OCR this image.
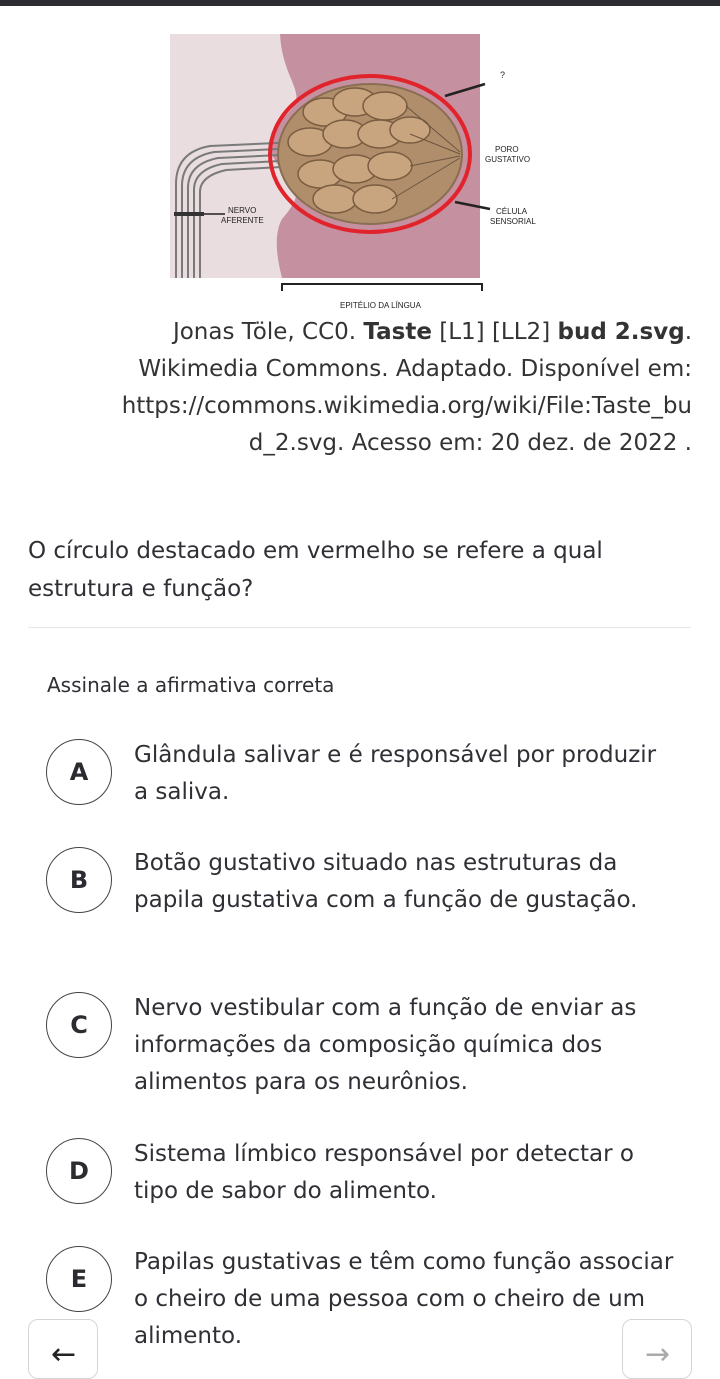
?
PORO
GUSTATIVO
NERVO
AFERENTE
CÉLULA
SENSORIAL
EPITÉLIO DA LÍNGUA
Jonas Töle, CC0. Taste [L1] [LL2] bud 2.svg.
Wikimedia Commons. Adaptado. Disponível em:
https://commons.wikimedia.org/wiki/File:Taste_bu
d_2.svg. Acesso em: 20 dez. de 2022 .
O círculo destacado em vermelho se refere a qual estrutura e função?
Assinale a afirmativa correta
A
Glândula salivar e é responsável por produzir a saliva.
B
Botão gustativo situado nas estruturas da papila gustativa com a função de gustação.
C
Nervo vestibular com a função de enviar as informações da composição química dos alimentos para os neurônios.
D
Sistema límbico responsável por detectar o tipo de sabor do alimento.
E
Papilas gustativas e têm como função associar o cheiro de uma pessoa com o cheiro de um alimento.
←	→
